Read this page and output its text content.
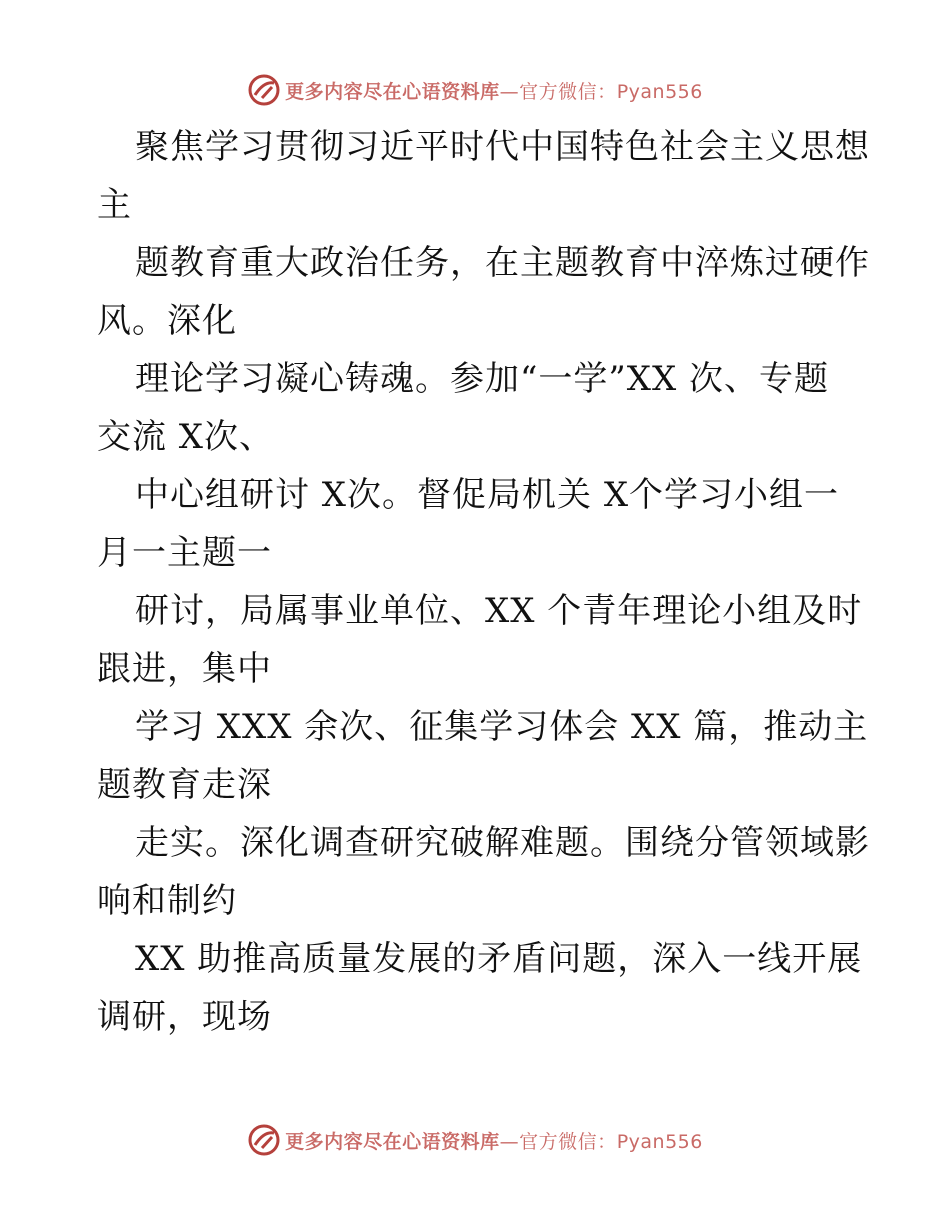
更多内容尽在心语资料库—官方微信：Pyan556
聚焦学习贯彻习近平时代中国特色社会主义思想
主
题教育重大政治任务，在主题教育中淬炼过硬作
风。深化
理论学习凝心铸魂。参加“一学”XX 次、专题
交流 X次、
中心组研讨 X次。督促局机关 X个学习小组一
月一主题一
研讨，局属事业单位、XX 个青年理论小组及时
跟进，集中
学习 XXX 余次、征集学习体会 XX 篇，推动主
题教育走深
走实。深化调查研究破解难题。围绕分管领域影
响和制约
XX 助推高质量发展的矛盾问题，深入一线开展
调研，现场
更多内容尽在心语资料库—官方微信：Pyan556
